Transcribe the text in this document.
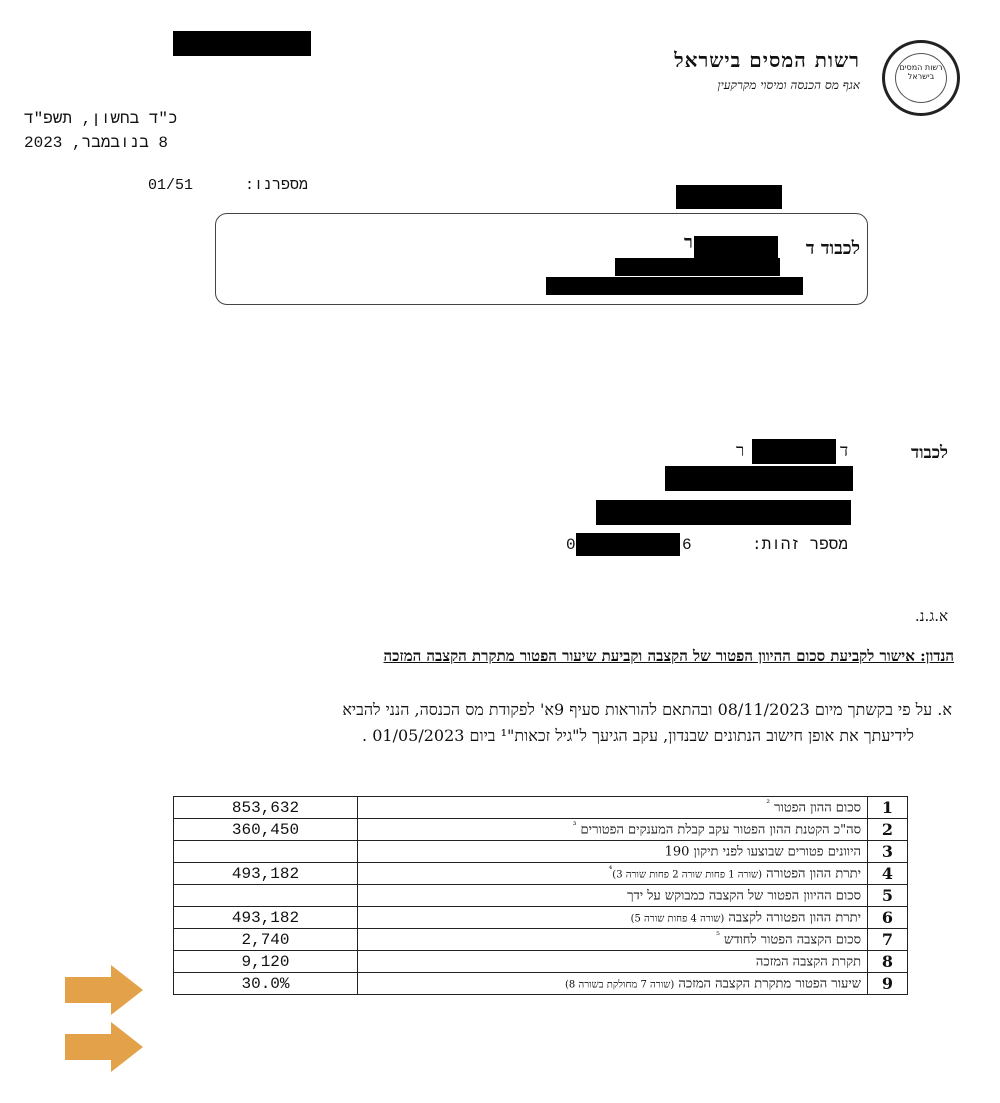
רשות המסים בישראל
רשות המסים בישראל
אגף מס הכנסה ומיסוי מקרקעין
כ"ד בחשון, תשפ"ד
8 בנובמבר, 2023
01/51	מספרנו:
לכבוד ד
ר
לכבוד
ד
ר
מספר זהות:
6
0
א.ג.נ.
הנדון: אישור לקביעת סכום ההיוון הפטור של הקצבה וקביעת שיעור הפטור מתקרת הקצבה המזכה
א. על פי בקשתך מיום 08/11/2023 ובהתאם להוראות סעיף 9א' לפקודת מס הכנסה, הנני להביא
לידיעתך את אופן חישוב הנתונים שבנדון, עקב הגיעך ל"גיל זכאות"¹ ביום 01/05/2023 .
853,632	סכום ההון הפטור $^{^2}$	1
360,450	סה"כ הקטנת ההון הפטור עקב קבלת המענקים הפטורים $^{^3}$	2
	היוונים פטורים שבוצעו לפני תיקון 190	3
493,182	יתרת ההון הפטורה (שורה 1 פחות שורה 2 פחות שורה 3)$^{^4}$	4
	סכום ההיוון הפטור של הקצבה כמבוקש על ידך	5
493,182	יתרת ההון הפטורה לקצבה (שורה 4 פחות שורה 5)	6
2,740	סכום הקצבה הפטור לחודש $^{^5}$	7
9,120	תקרת הקצבה המזכה	8
30.0%	שיעור הפטור מתקרת הקצבה המזכה (שורה 7 מחולקת בשורה 8)	9
